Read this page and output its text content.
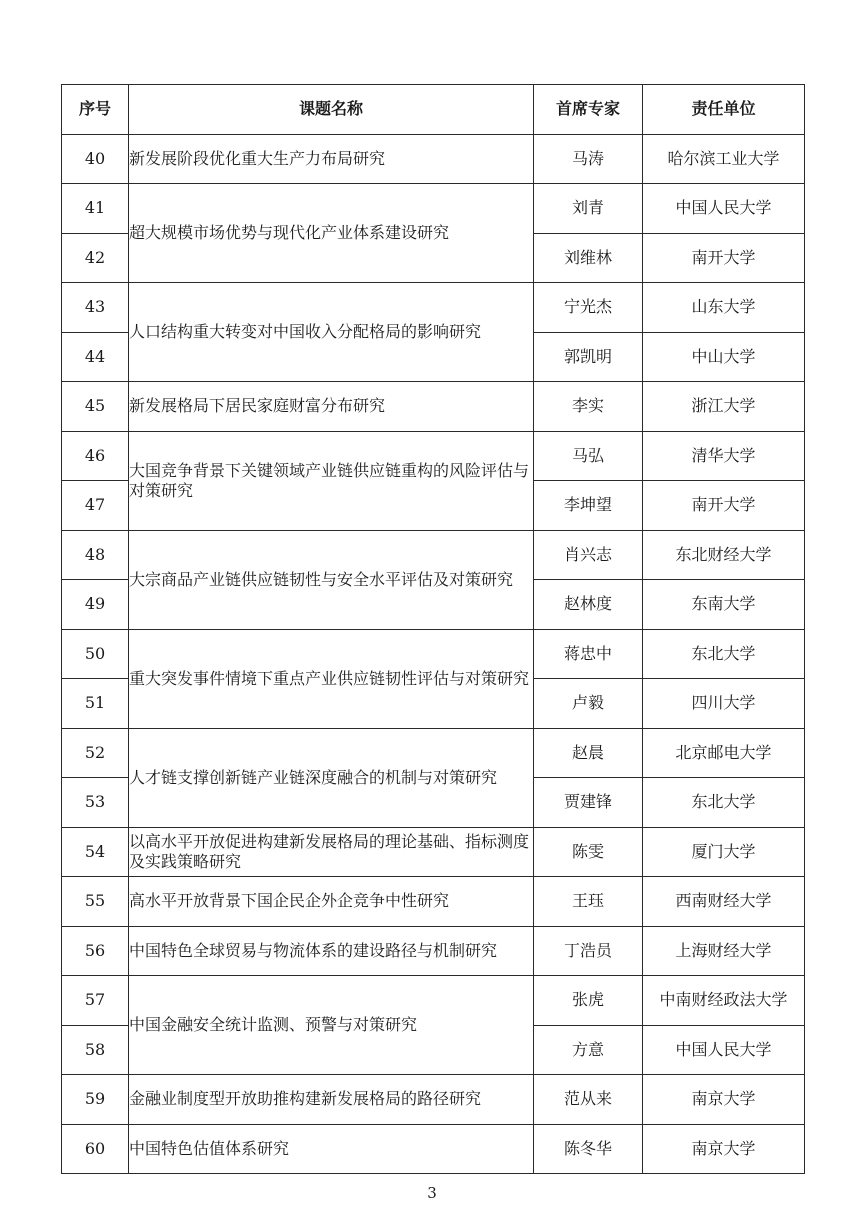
序号	课题名称	首席专家	责任单位
40	新发展阶段优化重大生产力布局研究	马涛	哈尔滨工业大学
41	超大规模市场优势与现代化产业体系建设研究	刘青	中国人民大学
42		刘维林	南开大学
43	人口结构重大转变对中国收入分配格局的影响研究	宁光杰	山东大学
44		郭凯明	中山大学
45	新发展格局下居民家庭财富分布研究	李实	浙江大学
46	大国竞争背景下关键领域产业链供应链重构的风险评估与对策研究	马弘	清华大学
47		李坤望	南开大学
48	大宗商品产业链供应链韧性与安全水平评估及对策研究	肖兴志	东北财经大学
49		赵林度	东南大学
50	重大突发事件情境下重点产业供应链韧性评估与对策研究	蒋忠中	东北大学
51		卢毅	四川大学
52	人才链支撑创新链产业链深度融合的机制与对策研究	赵晨	北京邮电大学
53		贾建锋	东北大学
54	以高水平开放促进构建新发展格局的理论基础、指标测度及实践策略研究	陈雯	厦门大学
55	高水平开放背景下国企民企外企竞争中性研究	王珏	西南财经大学
56	中国特色全球贸易与物流体系的建设路径与机制研究	丁浩员	上海财经大学
57	中国金融安全统计监测、预警与对策研究	张虎	中南财经政法大学
58		方意	中国人民大学
59	金融业制度型开放助推构建新发展格局的路径研究	范从来	南京大学
60	中国特色估值体系研究	陈冬华	南京大学
3
